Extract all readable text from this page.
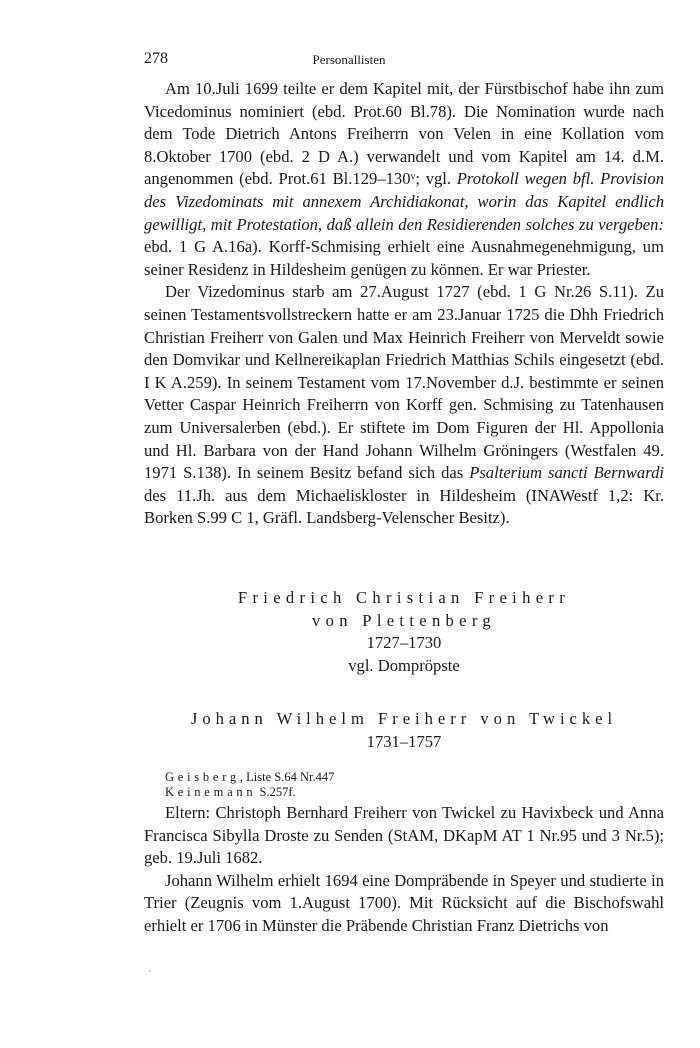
278	Personallisten

Am 10.Juli 1699 teilte er dem Kapitel mit, der Fürstbischof habe ihn zum Vicedominus nominiert (ebd. Prot.60 Bl.78). Die Nomination wurde nach dem Tode Dietrich Antons Freiherrn von Velen in eine Kollation vom 8.Oktober 1700 (ebd. 2 D A.) verwandelt und vom Kapitel am 14. d.M. angenommen (ebd. Prot.61 Bl.129–130ᵛ; vgl. Protokoll wegen bfl. Provision des Vizedominats mit annexem Archidiakonat, worin das Kapitel endlich gewilligt, mit Protestation, daß allein den Residierenden solches zu vergeben: ebd. 1 G A.16a). Korff-Schmising erhielt eine Ausnahmegenehmigung, um seiner Residenz in Hildesheim genügen zu können. Er war Priester.

Der Vizedominus starb am 27.August 1727 (ebd. 1 G Nr.26 S.11). Zu seinen Testamentsvollstreckern hatte er am 23.Januar 1725 die Dhh Friedrich Christian Freiherr von Galen und Max Heinrich Freiherr von Merveldt sowie den Domvikar und Kellnereikaplan Friedrich Matthias Schils eingesetzt (ebd. I K A.259). In seinem Testament vom 17.November d.J. bestimmte er seinen Vetter Caspar Heinrich Freiherrn von Korff gen. Schmising zu Tatenhausen zum Universalerben (ebd.). Er stiftete im Dom Figuren der Hl. Appollonia und Hl. Barbara von der Hand Johann Wilhelm Gröningers (Westfalen 49. 1971 S.138). In seinem Besitz befand sich das Psalterium sancti Bernwardi des 11.Jh. aus dem Michaeliskloster in Hildesheim (INAWestf 1,2: Kr. Borken S.99 C 1, Gräfl. Landsberg-Velenscher Besitz).

Friedrich Christian Freiherr
von Plettenberg
1727–1730
vgl. Dompröpste
Johann Wilhelm Freiherr von Twickel
1731–1757
Geisberg, Liste S.64 Nr.447
Keinemann S.257f.

Eltern: Christoph Bernhard Freiherr von Twickel zu Havixbeck und Anna Francisca Sibylla Droste zu Senden (StAM, DKapM AT 1 Nr.95 und 3 Nr.5); geb. 19.Juli 1682.

Johann Wilhelm erhielt 1694 eine Dompräbende in Speyer und studierte in Trier (Zeugnis vom 1.August 1700). Mit Rücksicht auf die Bischofswahl erhielt er 1706 in Münster die Präbende Christian Franz Dietrichs von
